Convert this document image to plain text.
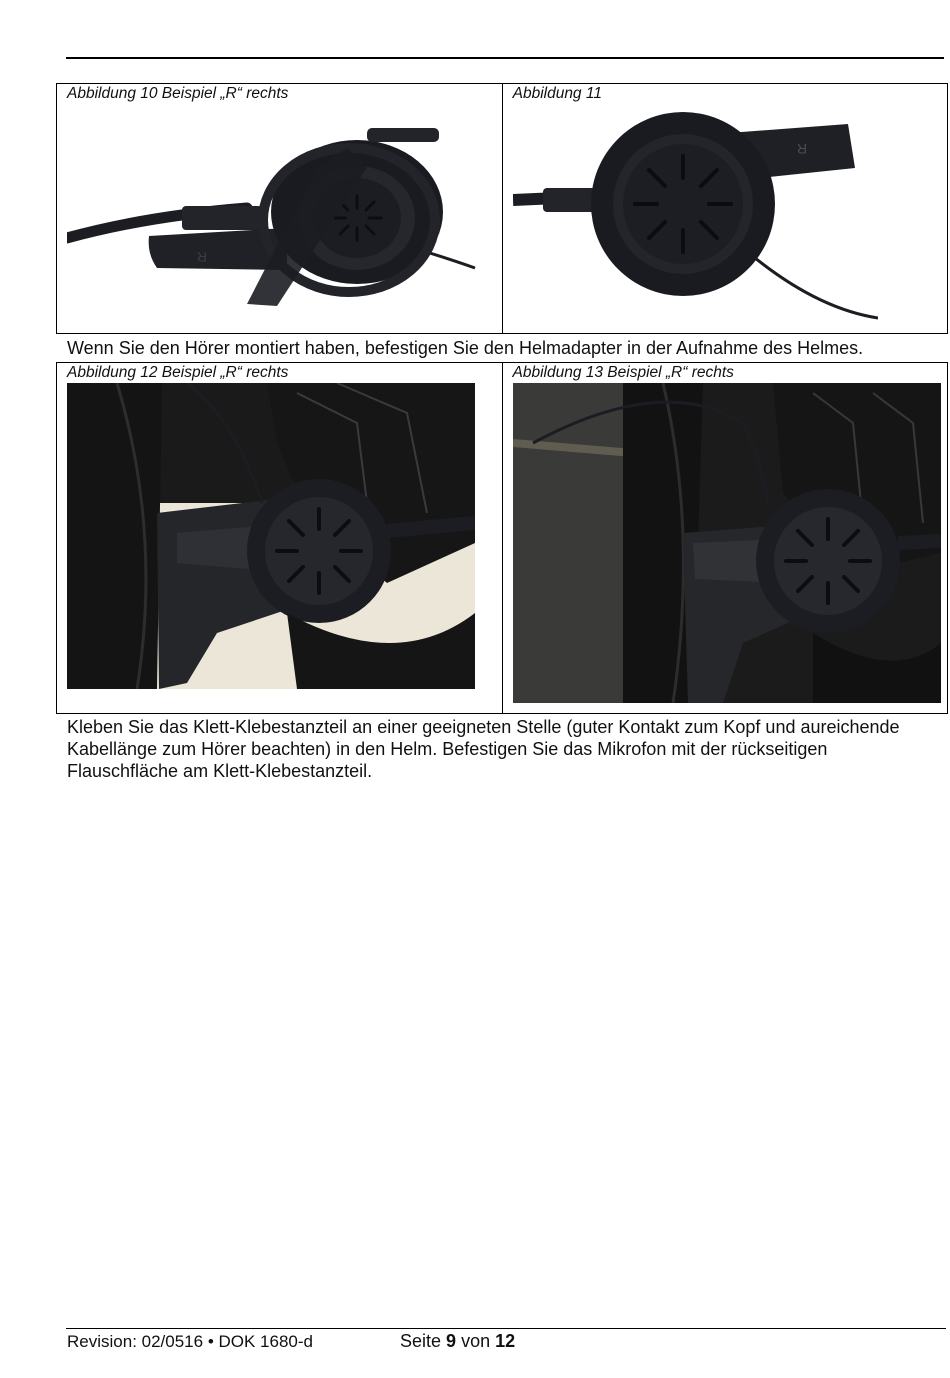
Abbildung 10 Beispiel „R“ rechts
R

Abbildung 11
R

Wenn Sie den Hörer montiert haben, befestigen Sie den Helmadapter in der Aufnahme des Helmes.

Abbildung 12 Beispiel „R“ rechts	Abbildung 13 Beispiel „R“ rechts

Kleben Sie das Klett-Klebestanzteil an einer geeigneten Stelle (guter Kontakt zum Kopf und aureichende Kabellänge zum Hörer beachten) in den Helm. Befestigen Sie das Mikrofon mit der rückseitigen Flauschfläche am Klett-Klebestanzteil.

Revision: 02/0516 • DOK 1680-d	Seite 9 von 12
